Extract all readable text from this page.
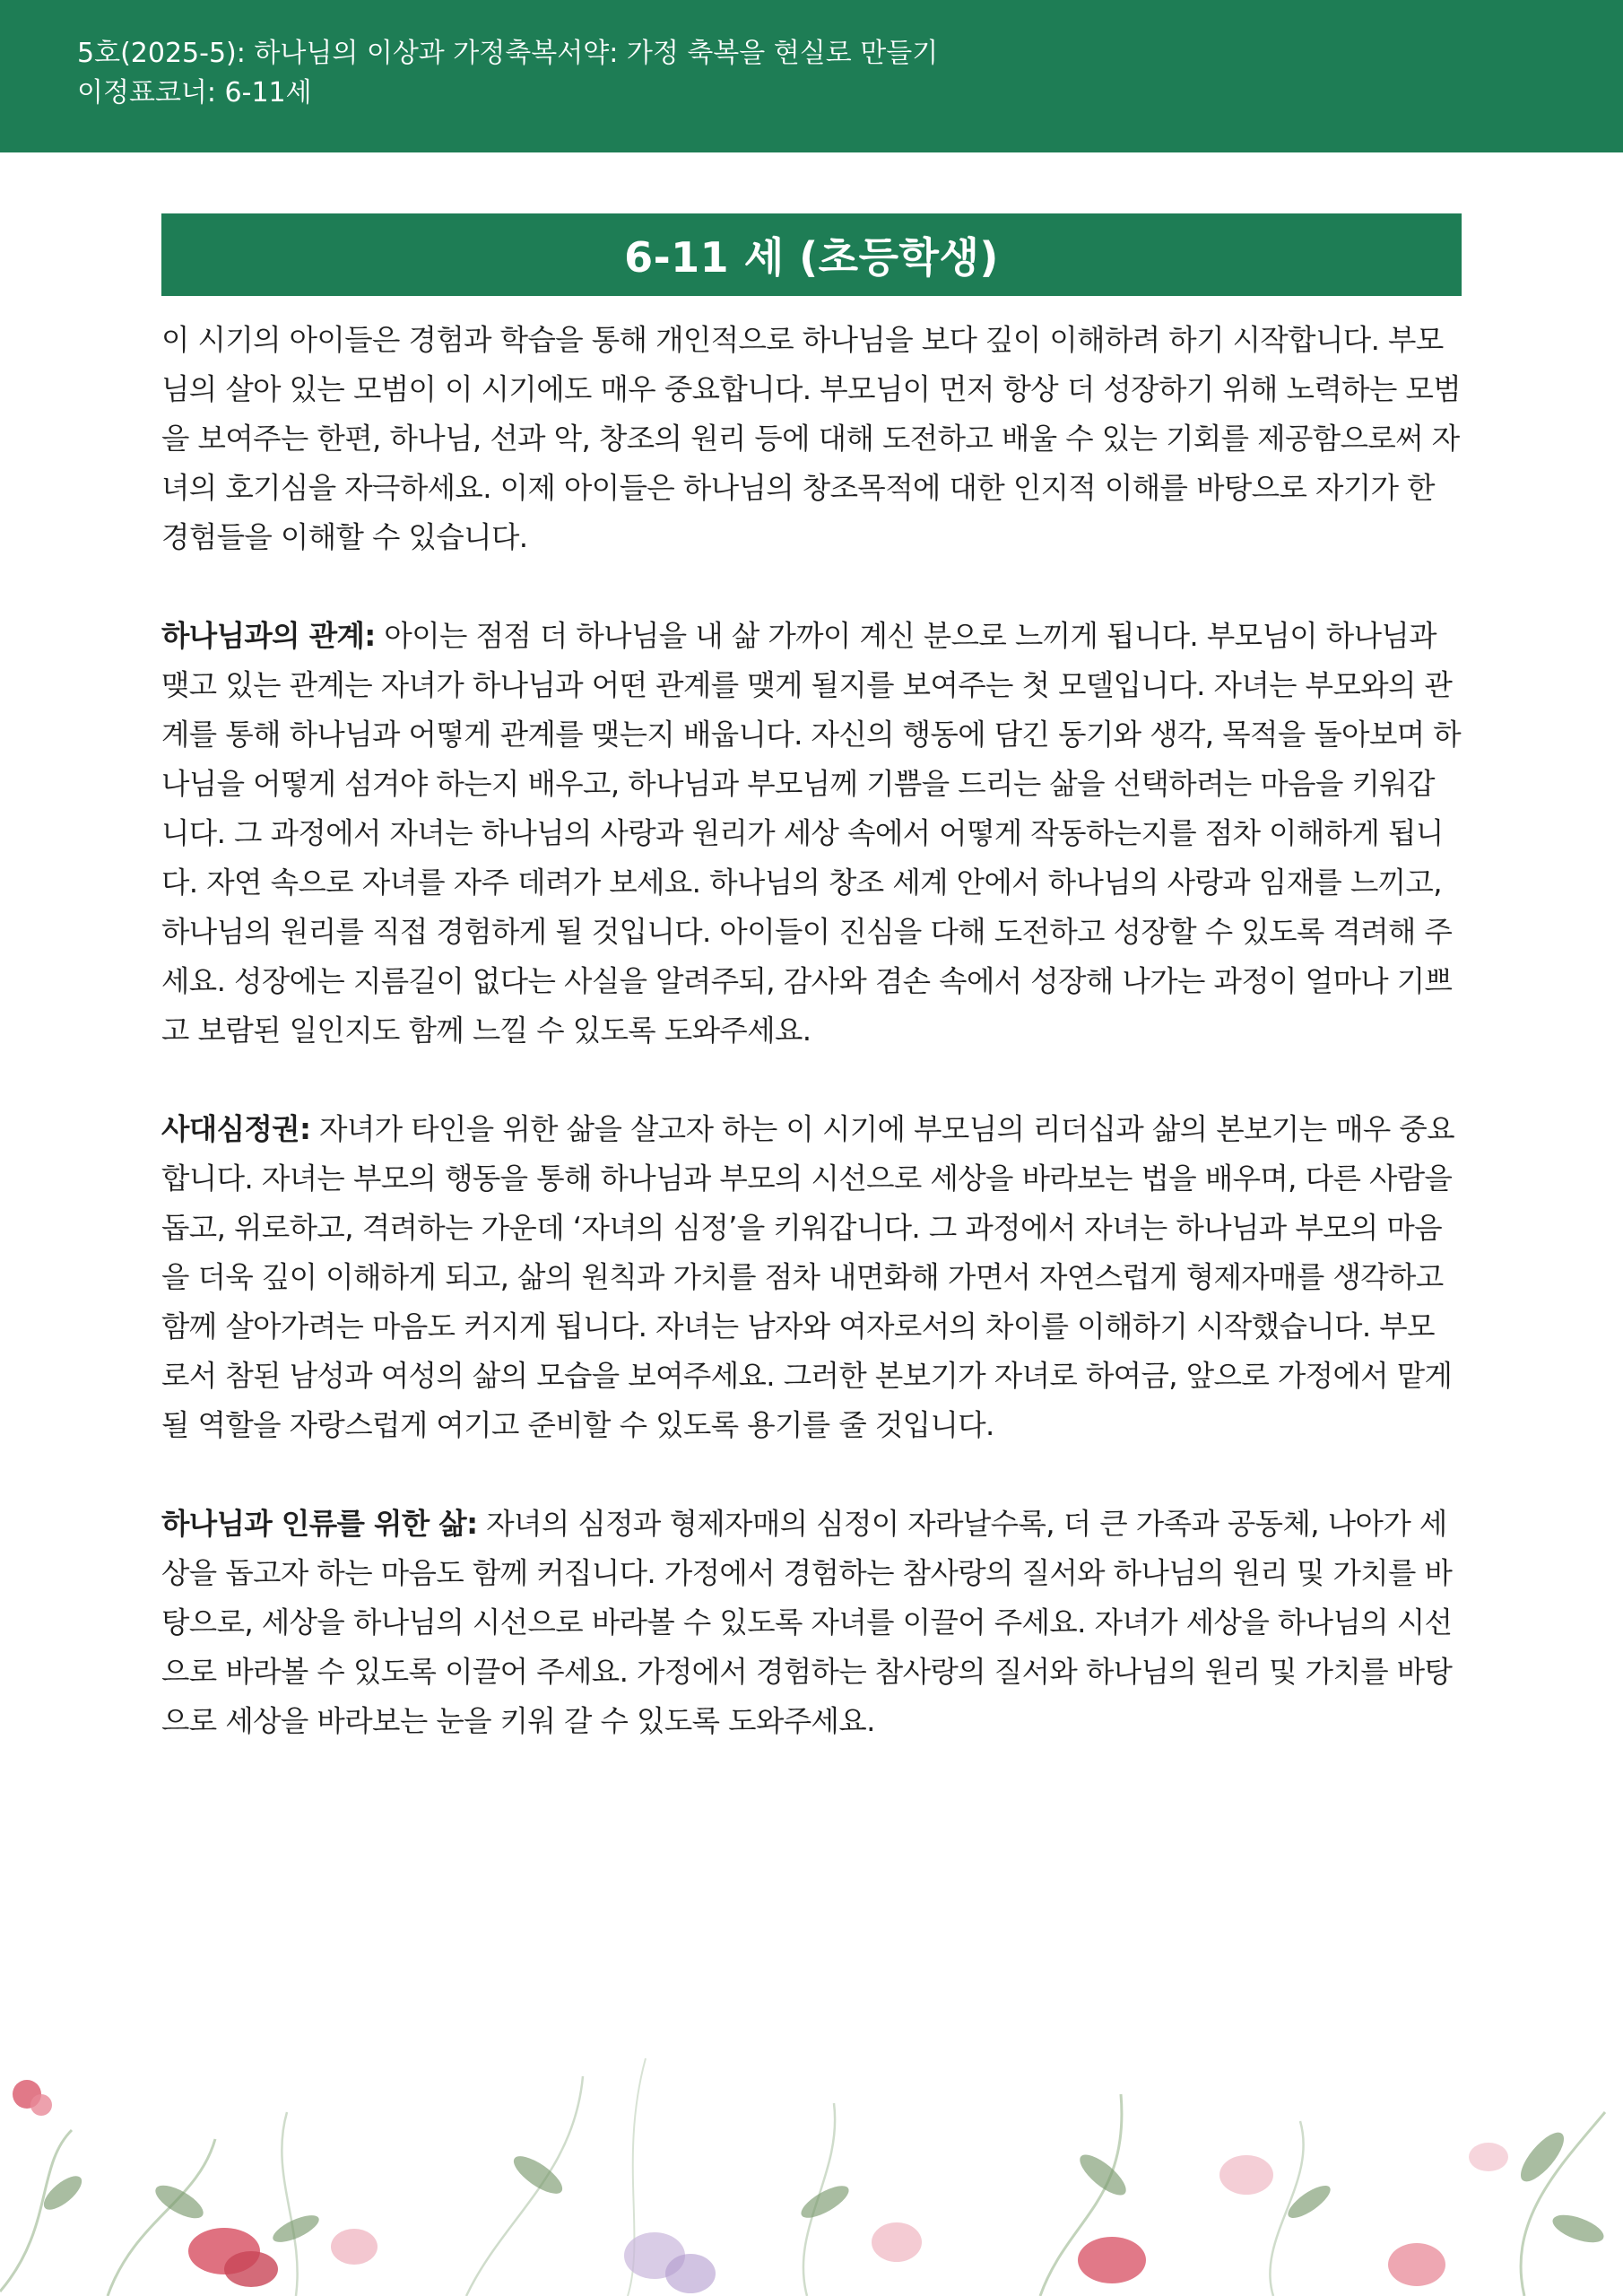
5호(2025-5): 하나님의 이상과 가정축복서약: 가정 축복을 현실로 만들기
이정표코너: 6-11세
6-11 세 (초등학생)

이 시기의 아이들은 경험과 학습을 통해 개인적으로 하나님을 보다 깊이 이해하려 하기 시작합니다. 부모님의 살아 있는 모범이 이 시기에도 매우 중요합니다. 부모님이 먼저 항상 더 성장하기 위해 노력하는 모범을 보여주는 한편, 하나님, 선과 악, 창조의 원리 등에 대해 도전하고 배울 수 있는 기회를 제공함으로써 자녀의 호기심을 자극하세요. 이제 아이들은 하나님의 창조목적에 대한 인지적 이해를 바탕으로 자기가 한 경험들을 이해할 수 있습니다.

하나님과의 관계: 아이는 점점 더 하나님을 내 삶 가까이 계신 분으로 느끼게 됩니다. 부모님이 하나님과 맺고 있는 관계는 자녀가 하나님과 어떤 관계를 맺게 될지를 보여주는 첫 모델입니다. 자녀는 부모와의 관계를 통해 하나님과 어떻게 관계를 맺는지 배웁니다. 자신의 행동에 담긴 동기와 생각, 목적을 돌아보며 하나님을 어떻게 섬겨야 하는지 배우고, 하나님과 부모님께 기쁨을 드리는 삶을 선택하려는 마음을 키워갑니다. 그 과정에서 자녀는 하나님의 사랑과 원리가 세상 속에서 어떻게 작동하는지를 점차 이해하게 됩니다. 자연 속으로 자녀를 자주 데려가 보세요. 하나님의 창조 세계 안에서 하나님의 사랑과 임재를 느끼고, 하나님의 원리를 직접 경험하게 될 것입니다. 아이들이 진심을 다해 도전하고 성장할 수 있도록 격려해 주세요. 성장에는 지름길이 없다는 사실을 알려주되, 감사와 겸손 속에서 성장해 나가는 과정이 얼마나 기쁘고 보람된 일인지도 함께 느낄 수 있도록 도와주세요.

사대심정권: 자녀가 타인을 위한 삶을 살고자 하는 이 시기에 부모님의 리더십과 삶의 본보기는 매우 중요합니다. 자녀는 부모의 행동을 통해 하나님과 부모의 시선으로 세상을 바라보는 법을 배우며, 다른 사람을 돕고, 위로하고, 격려하는 가운데 ‘자녀의 심정’을 키워갑니다. 그 과정에서 자녀는 하나님과 부모의 마음을 더욱 깊이 이해하게 되고, 삶의 원칙과 가치를 점차 내면화해 가면서 자연스럽게 형제자매를 생각하고 함께 살아가려는 마음도 커지게 됩니다. 자녀는 남자와 여자로서의 차이를 이해하기 시작했습니다. 부모로서 참된 남성과 여성의 삶의 모습을 보여주세요. 그러한 본보기가 자녀로 하여금, 앞으로 가정에서 맡게 될 역할을 자랑스럽게 여기고 준비할 수 있도록 용기를 줄 것입니다.

하나님과 인류를 위한 삶: 자녀의 심정과 형제자매의 심정이 자라날수록, 더 큰 가족과 공동체, 나아가 세상을 돕고자 하는 마음도 함께 커집니다. 가정에서 경험하는 참사랑의 질서와 하나님의 원리 및 가치를 바탕으로, 세상을 하나님의 시선으로 바라볼 수 있도록 자녀를 이끌어 주세요. 자녀가 세상을 하나님의 시선으로 바라볼 수 있도록 이끌어 주세요. 가정에서 경험하는 참사랑의 질서와 하나님의 원리 및 가치를 바탕으로 세상을 바라보는 눈을 키워 갈 수 있도록 도와주세요.
